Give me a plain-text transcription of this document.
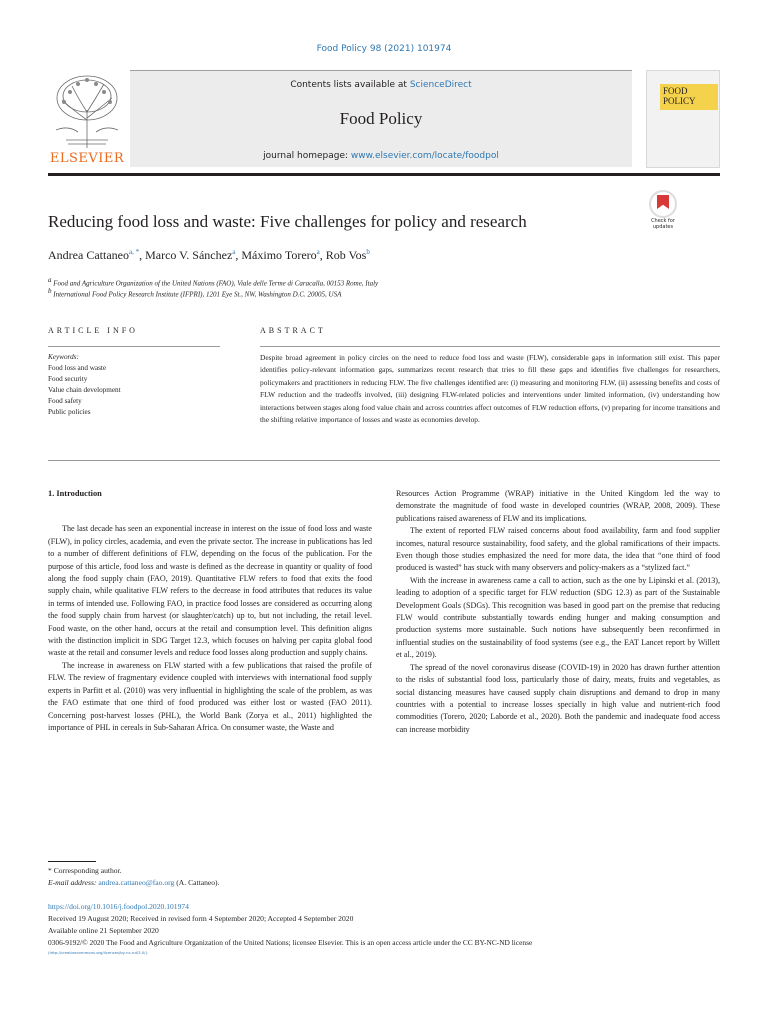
Food Policy 98 (2021) 101974
ELSEVIER
Contents lists available at ScienceDirect
Food Policy
journal homepage: www.elsevier.com/locate/foodpol
FOOD POLICY
Reducing food loss and waste: Five challenges for policy and research	Check for updates
Andrea Cattaneo$^{a, *}$, Marco V. Sánchez$^a$, Máximo Torero$^a$, Rob Vos$^b$
$^a$ Food and Agriculture Organization of the United Nations (FAO), Viale delle Terme di Caracalla, 00153 Rome, Italy
$^b$ International Food Policy Research Institute (IFPRI), 1201 Eye St., NW, Washington D.C. 20005, USA
ARTICLE INFO	ABSTRACT
Keywords:
Food loss and waste
Food security
Value chain development
Food safety
Public policies
Despite broad agreement in policy circles on the need to reduce food loss and waste (FLW), considerable gaps in information still exist. This paper identifies policy-relevant information gaps, summarizes recent research that tries to fill these gaps and identifies five challenges for researchers, policymakers and practitioners in reducing FLW. The five challenges identified are: (i) measuring and monitoring FLW, (ii) assessing benefits and costs of FLW reduction and the tradeoffs involved, (iii) designing FLW-related policies and interventions under limited information, (iv) understanding how interactions between stages along food value chain and across countries affect outcomes of FLW reduction efforts, (v) preparing for income transitions and the shifting relative importance of losses and waste as economies develop.
1. Introduction

The last decade has seen an exponential increase in interest on the issue of food loss and waste (FLW), in policy circles, academia, and even the private sector. The increase in publications has led to a number of different definitions of FLW, depending on the focus of the publication. For the purpose of this article, food loss and waste is defined as the decrease in quantity or quality of food along the food supply chain (FAO, 2019). Quantitative FLW refers to food that exits the food supply chain, while qualitative FLW refers to the decrease in food attributes that reduces its value in terms of intended use. Following FAO, in practice food losses are considered as occurring along the food supply chain from harvest (or slaughter/catch) up to, but not including, the retail level. Food waste, on the other hand, occurs at the retail and consumption level. This definition aligns with the distinction implicit in SDG Target 12.3, which focuses on halving per capita global food waste at the retail and consumer levels and reduce food losses along production and supply chains.

The increase in awareness on FLW started with a few publications that raised the profile of FLW. The review of fragmentary evidence coupled with interviews with international food supply experts in Parfitt et al. (2010) was very influential in highlighting the scale of the problem, as was the FAO estimate that one third of food produced was either lost or wasted (FAO 2011). Concerning post-harvest losses (PHL), the World Bank (Zorya et al., 2011) highlighted the importance of PHL in cereals in Sub-Saharan Africa. On consumer waste, the Waste and

Resources Action Programme (WRAP) initiative in the United Kingdom led the way to demonstrate the magnitude of food waste in developed countries (WRAP, 2008, 2009). These publications raised awareness of FLW and its implications.

The extent of reported FLW raised concerns about food availability, farm and food supplier incomes, natural resource sustainability, food safety, and the global ramifications of their impacts. Even though those studies emphasized the need for more data, the idea that “one third of food produced is wasted” has stuck with many observers and policy-makers as a “stylized fact.”

With the increase in awareness came a call to action, such as the one by Lipinski et al. (2013), leading to adoption of a specific target for FLW reduction (SDG 12.3) as part of the Sustainable Development Goals (SDGs). This recognition was based in good part on the premise that reducing FLW would contribute substantially towards ending hunger and making consumption and production systems more sustainable. Such notions have subsequently been reconfirmed in influential studies on the sustainability of food systems (see e.g., the EAT Lancet report by Willett et al., 2019).

The spread of the novel coronavirus disease (COVID-19) in 2020 has drawn further attention to the risks of substantial food loss, particularly those of dairy, meats, fruits and vegetables, as social distancing measures have caused supply chain disruptions and demand to drop in many countries with a potential to increase losses specially in high value and nutrient-rich food commodities (Torero, 2020; Laborde et al., 2020). Both the pandemic and inadequate food access can increase morbidity

* Corresponding author.
E-mail address: andrea.cattaneo@fao.org (A. Cattaneo).
https://doi.org/10.1016/j.foodpol.2020.101974
Received 19 August 2020; Received in revised form 4 September 2020; Accepted 4 September 2020
Available online 21 September 2020
0306-9192/© 2020 The Food and Agriculture Organization of the United Nations; licensee Elsevier. This is an open access article under the CC BY-NC-ND license
(http://creativecommons.org/licenses/by-nc-nd/3.0/).
